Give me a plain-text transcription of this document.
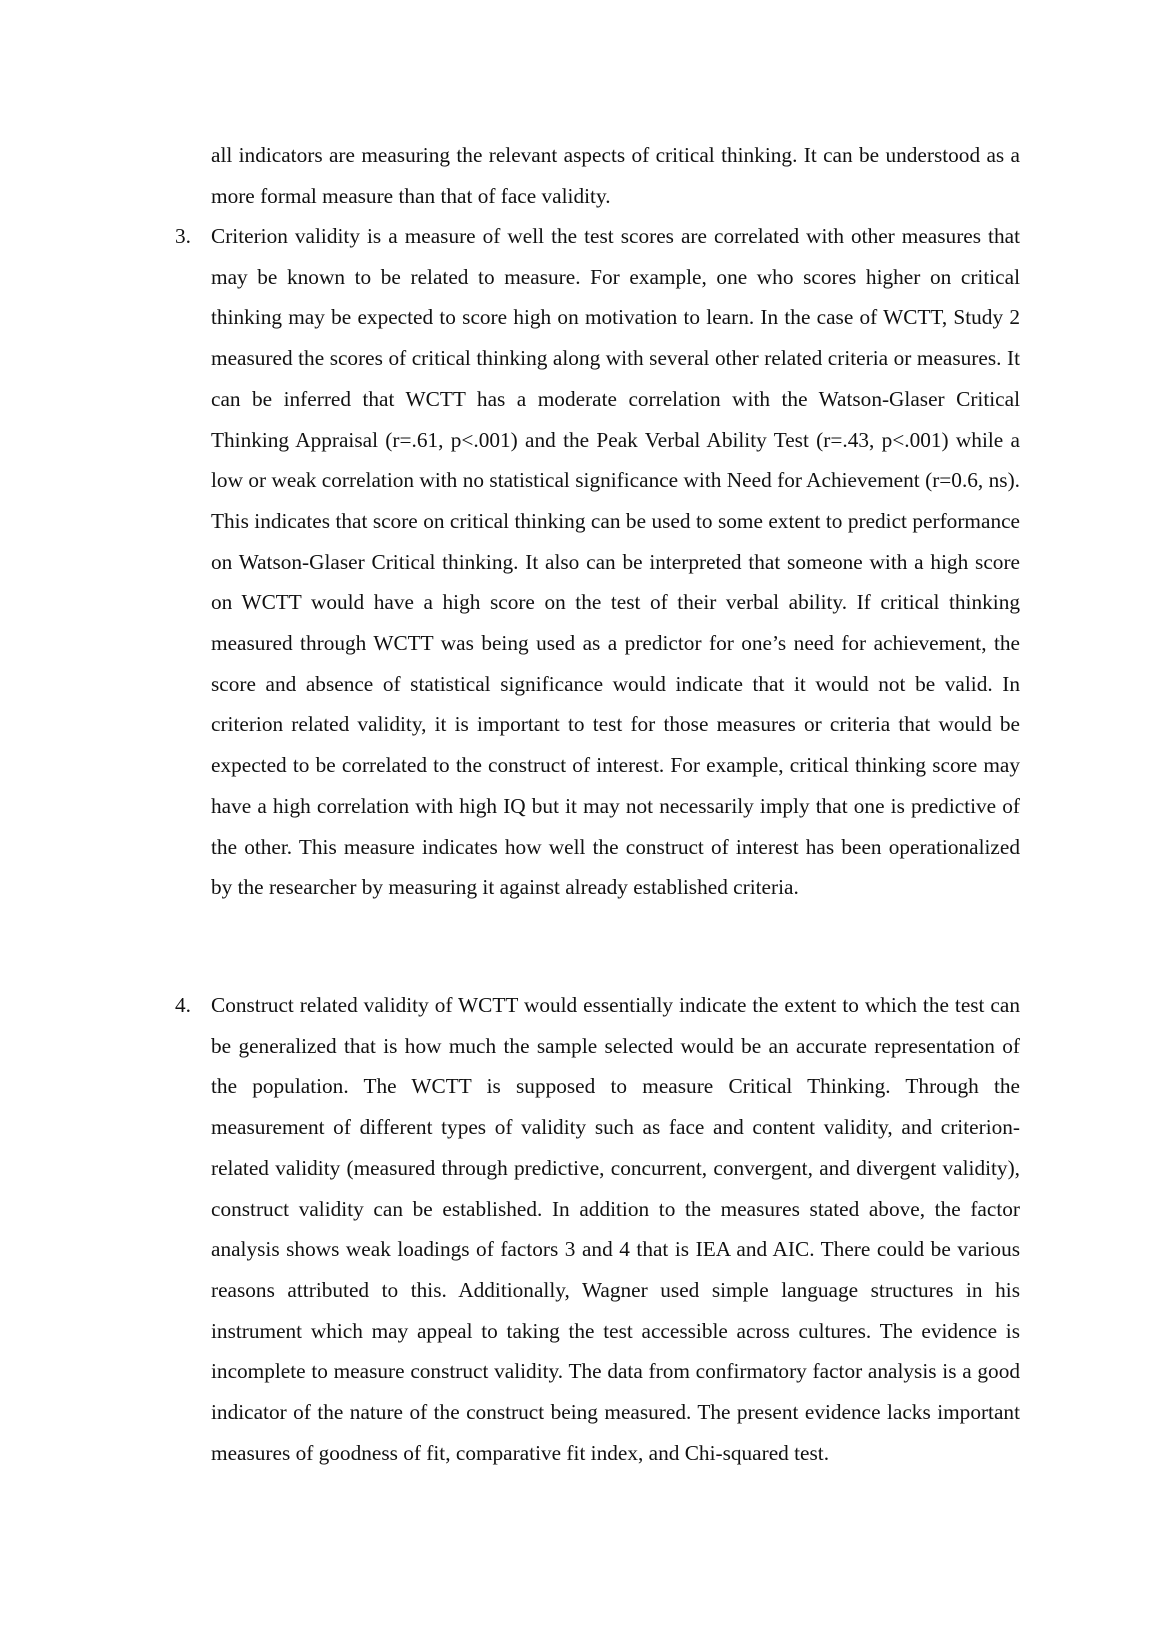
all indicators are measuring the relevant aspects of critical thinking. It can be understood as a more formal measure than that of face validity.

3. Criterion validity is a measure of well the test scores are correlated with other measures that may be known to be related to measure. For example, one who scores higher on critical thinking may be expected to score high on motivation to learn. In the case of WCTT, Study 2 measured the scores of critical thinking along with several other related criteria or measures. It can be inferred that WCTT has a moderate correlation with the Watson-Glaser Critical Thinking Appraisal (r=.61, p<.001) and the Peak Verbal Ability Test (r=.43, p<.001) while a low or weak correlation with no statistical significance with Need for Achievement (r=0.6, ns). This indicates that score on critical thinking can be used to some extent to predict performance on Watson-Glaser Critical thinking. It also can be interpreted that someone with a high score on WCTT would have a high score on the test of their verbal ability. If critical thinking measured through WCTT was being used as a predictor for one’s need for achievement, the score and absence of statistical significance would indicate that it would not be valid. In criterion related validity, it is important to test for those measures or criteria that would be expected to be correlated to the construct of interest. For example, critical thinking score may have a high correlation with high IQ but it may not necessarily imply that one is predictive of the other. This measure indicates how well the construct of interest has been operationalized by the researcher by measuring it against already established criteria.

4. Construct related validity of WCTT would essentially indicate the extent to which the test can be generalized that is how much the sample selected would be an accurate representation of the population. The WCTT is supposed to measure Critical Thinking. Through the measurement of different types of validity such as face and content validity, and criterion-related validity (measured through predictive, concurrent, convergent, and divergent validity), construct validity can be established. In addition to the measures stated above, the factor analysis shows weak loadings of factors 3 and 4 that is IEA and AIC. There could be various reasons attributed to this. Additionally, Wagner used simple language structures in his instrument which may appeal to taking the test accessible across cultures. The evidence is incomplete to measure construct validity. The data from confirmatory factor analysis is a good indicator of the nature of the construct being measured. The present evidence lacks important measures of goodness of fit, comparative fit index, and Chi-squared test.
